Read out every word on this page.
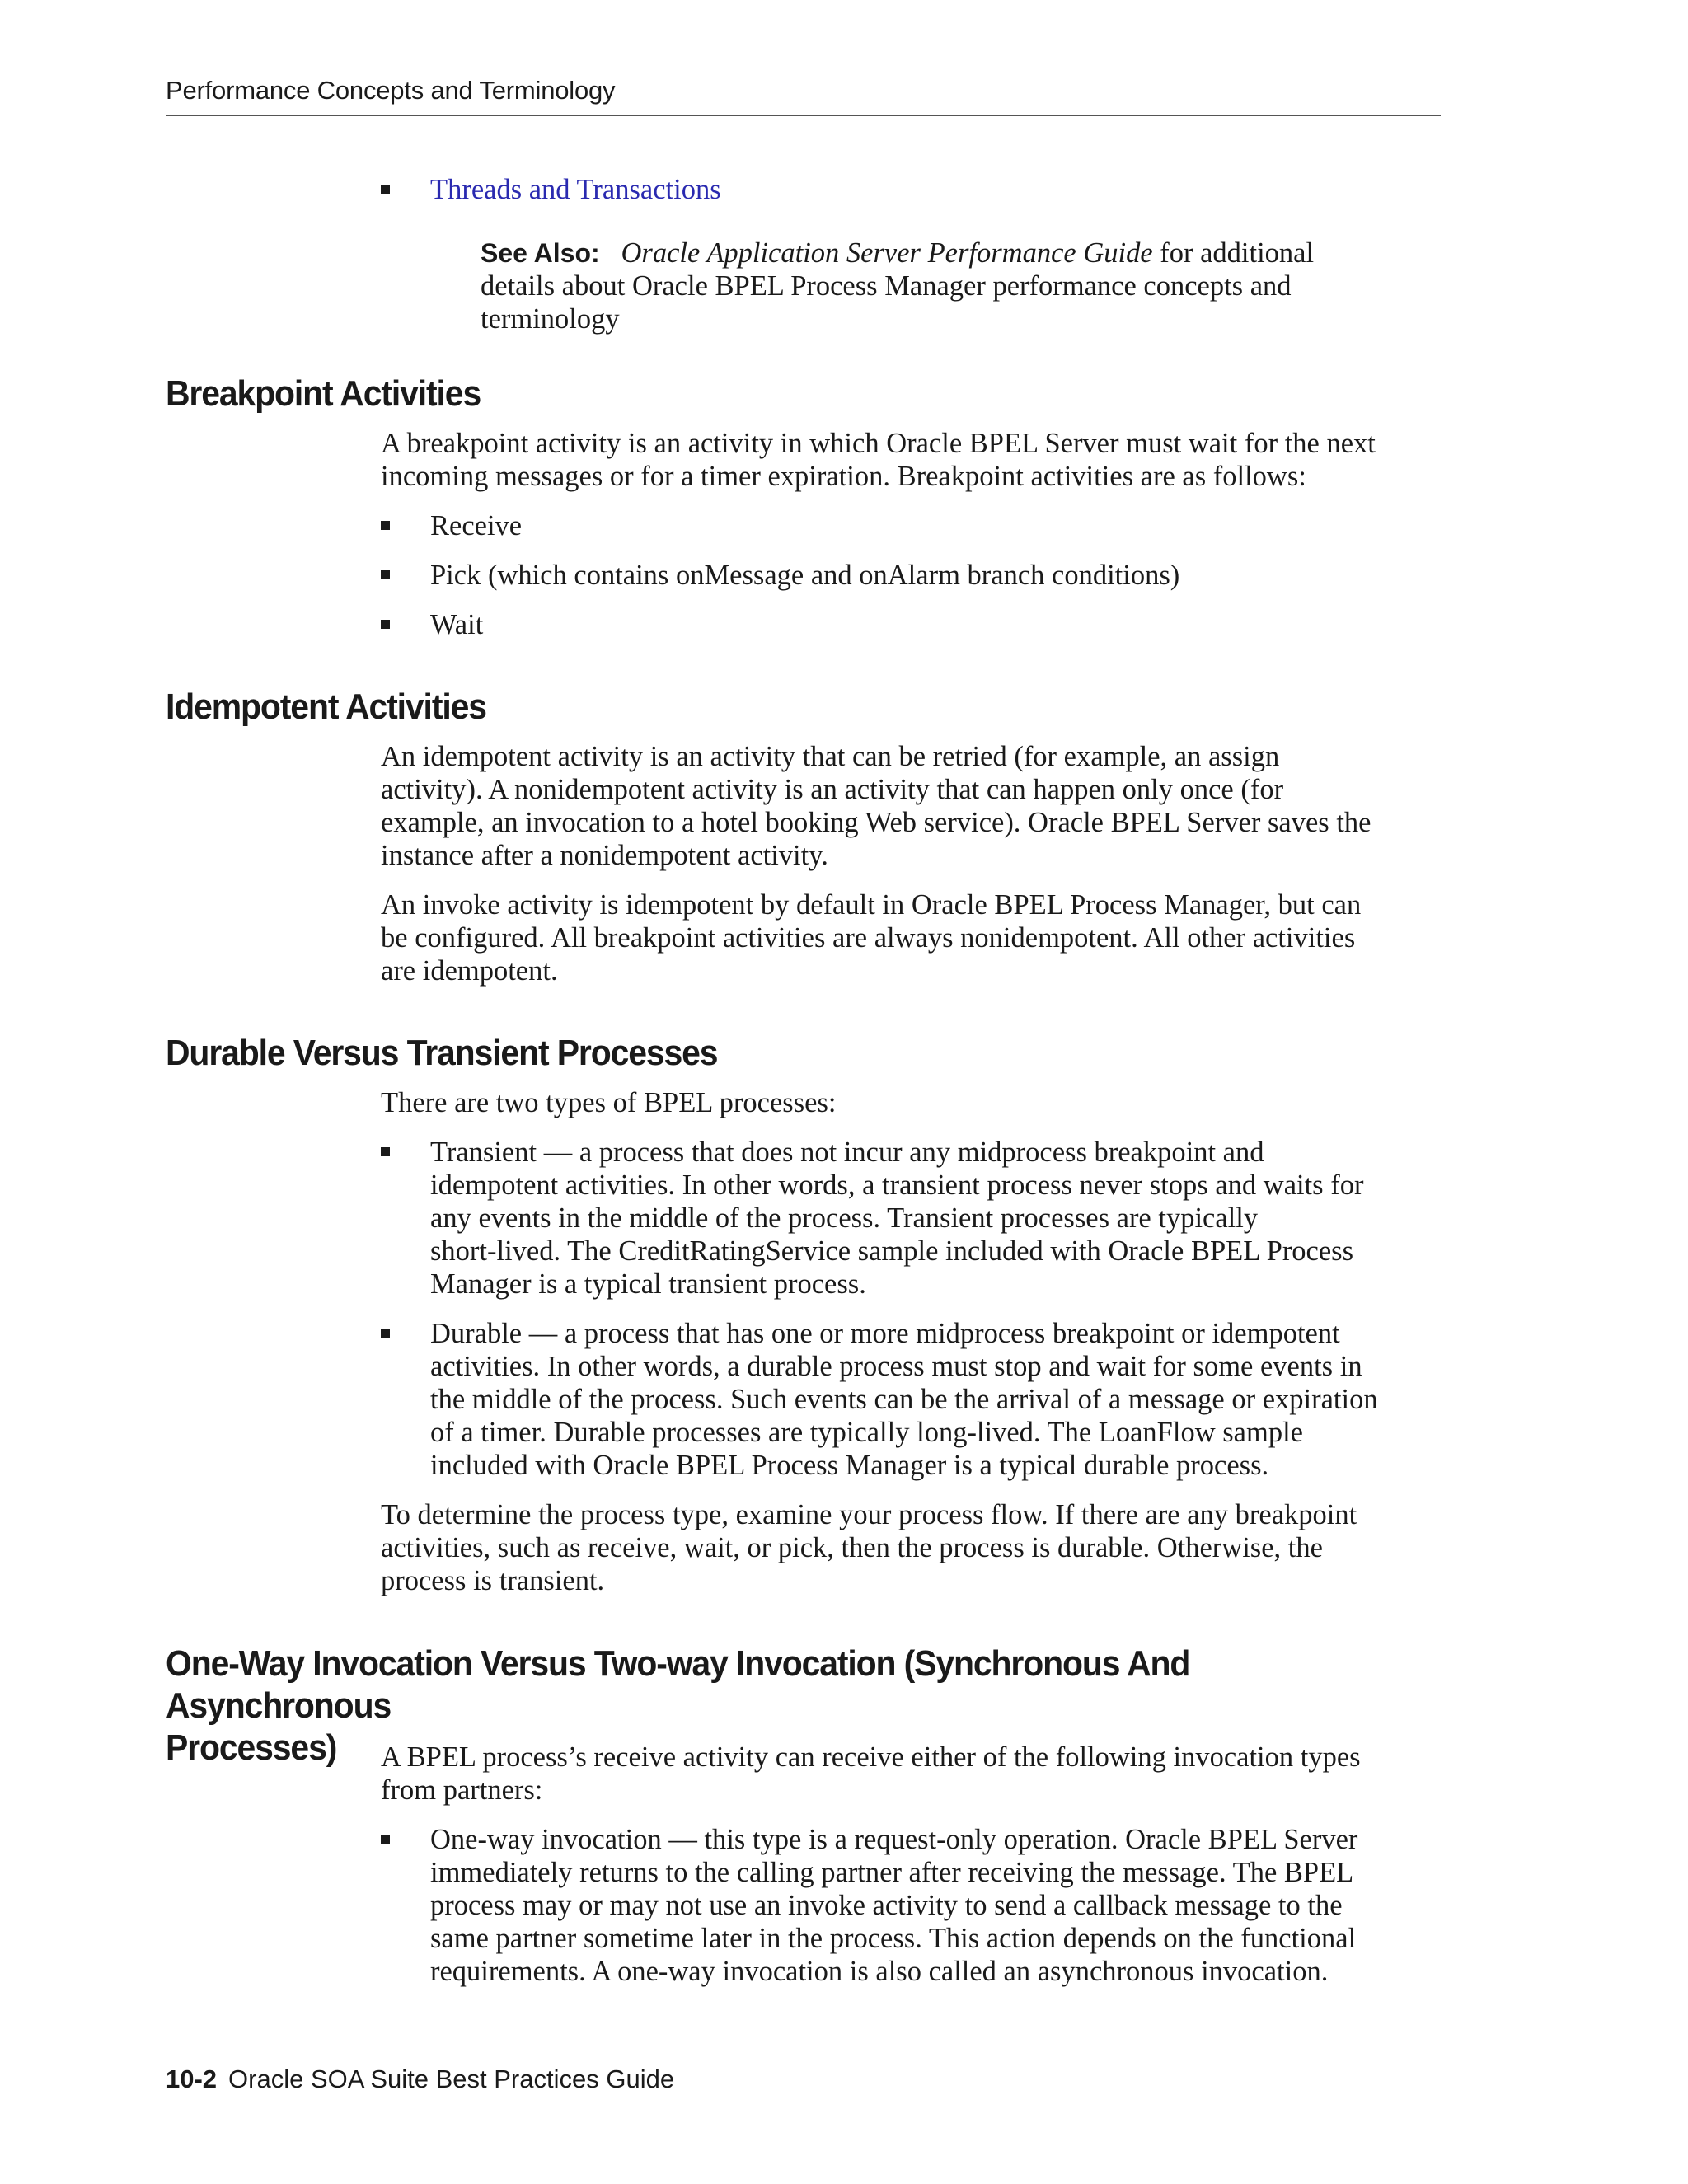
Performance Concepts and Terminology
Threads and Transactions
See Also: Oracle Application Server Performance Guide for additional
details about Oracle BPEL Process Manager performance concepts and
terminology
Breakpoint Activities
A breakpoint activity is an activity in which Oracle BPEL Server must wait for the next
incoming messages or for a timer expiration. Breakpoint activities are as follows:
Receive
Pick (which contains onMessage and onAlarm branch conditions)
Wait
Idempotent Activities
An idempotent activity is an activity that can be retried (for example, an assign
activity). A nonidempotent activity is an activity that can happen only once (for
example, an invocation to a hotel booking Web service). Oracle BPEL Server saves the
instance after a nonidempotent activity.
An invoke activity is idempotent by default in Oracle BPEL Process Manager, but can
be configured. All breakpoint activities are always nonidempotent. All other activities
are idempotent.
Durable Versus Transient Processes
There are two types of BPEL processes:
Transient — a process that does not incur any midprocess breakpoint and
idempotent activities. In other words, a transient process never stops and waits for
any events in the middle of the process. Transient processes are typically
short-lived. The CreditRatingService sample included with Oracle BPEL Process
Manager is a typical transient process.
Durable — a process that has one or more midprocess breakpoint or idempotent
activities. In other words, a durable process must stop and wait for some events in
the middle of the process. Such events can be the arrival of a message or expiration
of a timer. Durable processes are typically long-lived. The LoanFlow sample
included with Oracle BPEL Process Manager is a typical durable process.
To determine the process type, examine your process flow. If there are any breakpoint
activities, such as receive, wait, or pick, then the process is durable. Otherwise, the
process is transient.
One-Way Invocation Versus Two-way Invocation (Synchronous And Asynchronous
Processes)	A BPEL process’s receive activity can receive either of the following invocation types
from partners:
One-way invocation — this type is a request-only operation. Oracle BPEL Server
immediately returns to the calling partner after receiving the message. The BPEL
process may or may not use an invoke activity to send a callback message to the
same partner sometime later in the process. This action depends on the functional
requirements. A one-way invocation is also called an asynchronous invocation.
10-2 Oracle SOA Suite Best Practices Guide
